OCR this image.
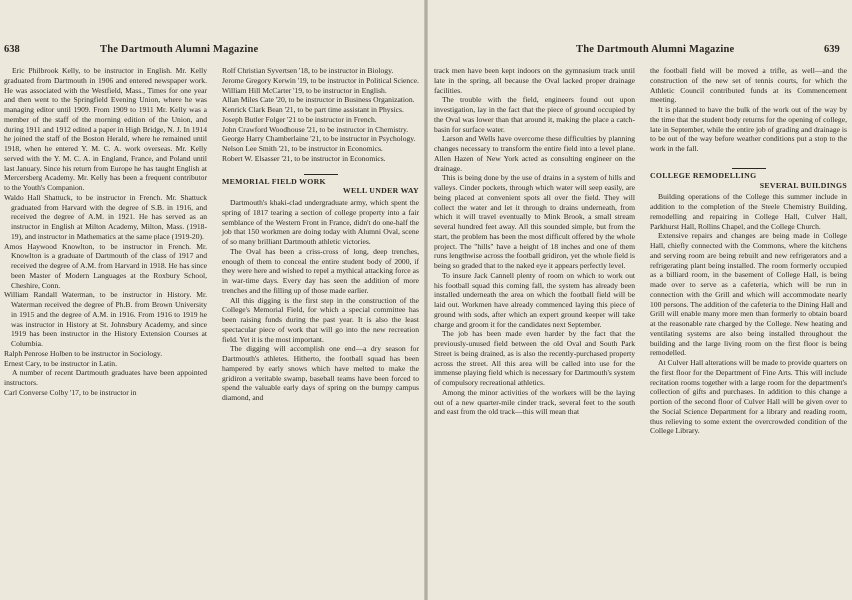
638	The Dartmouth Alumni Magazine

Eric Philbrook Kelly, to be instructor in English. Mr. Kelly graduated from Dartmouth in 1906 and entered newspaper work. He was associated with the Westfield, Mass., Times for one year and then went to the Springfield Evening Union, where he was managing editor until 1909. From 1909 to 1911 Mr. Kelly was a member of the staff of the morning edition of the Union, and during 1911 and 1912 edited a paper in High Bridge, N. J. In 1914 he joined the staff of the Boston Herald, where he remained until 1918, when he entered Y. M. C. A. work overseas. Mr. Kelly served with the Y. M. C. A. in England, France, and Poland until last January. Since his return from Europe he has taught English at Mercersberg Academy. Mr. Kelly has been a frequent contributor to the Youth's Companion.

Waldo Hall Shattuck, to be instructor in French. Mr. Shattuck graduated from Harvard with the degree of S.B. in 1916, and received the degree of A.M. in 1921. He has served as an instructor in English at Milton Academy, Milton, Mass. (1918-19), and instructor in Mathematics at the same place (1919-20).

Amos Haywood Knowlton, to be instructor in French. Mr. Knowlton is a graduate of Dartmouth of the class of 1917 and received the degree of A.M. from Harvard in 1918. He has since been Master of Modern Languages at the Roxbury School, Cheshire, Conn.

William Randall Waterman, to be instructor in History. Mr. Waterman received the degree of Ph.B. from Brown University in 1915 and the degree of A.M. in 1916. From 1916 to 1919 he was instructor in History at St. Johnsbury Academy, and since 1919 has been instructor in the History Extension Courses at Columbia.

Ralph Penrose Holben to be instructor in Sociology.

Ernest Cary, to be instructor in Latin.

A number of recent Dartmouth graduates have been appointed instructors.

Carl Converse Colby '17, to be instructor in

Rolf Christian Syvertsen '18, to be instructor in Biology.

Jerome Gregory Kerwin '19, to be instructor in Political Science.

William Hill McCarter '19, to be instructor in English.

Allan Miles Cate '20, to be instructor in Business Organization.

Kenrick Clark Bean '21, to be part time assistant in Physics.

Joseph Butler Folger '21 to be instructor in French.

John Crawford Woodhouse '21, to be instructor in Chemistry.

George Harry Chamberlaine '21, to be instructor in Psychology.

Nelson Lee Smith '21, to be instructor in Economics.

Robert W. Elsasser '21, to be instructor in Economics.

MEMORIAL FIELD WORK

WELL UNDER WAY

Dartmouth's khaki-clad undergraduate army, which spent the spring of 1817 tearing a section of college property into a fair semblance of the Western Front in France, didn't do one-half the job that 150 workmen are doing today with Alumni Oval, scene of so many brilliant Dartmouth athletic victories.

The Oval has been a criss-cross of long, deep trenches, enough of them to conceal the entire student body of 2000, if they were here and wished to repel a mythical attacking force as in war-time days. Every day has seen the addition of more trenches and the filling up of those made earlier.

All this digging is the first step in the construction of the College's Memorial Field, for which a special committee has been raising funds during the past year. It is also the least spectacular piece of work that will go into the new recreation field. Yet it is the most important.

The digging will accomplish one end—a dry season for Dartmouth's athletes. Hitherto, the football squad has been hampered by early snows which have melted to make the gridiron a veritable swamp, baseball teams have been forced to spend the valuable early days of spring on the bumpy campus diamond, and

The Dartmouth Alumni Magazine	639

track men have been kept indoors on the gymnasium track until late in the spring, all because the Oval lacked proper drainage facilities.

The trouble with the field, engineers found out upon investigation, lay in the fact that the piece of ground occupied by the Oval was lower than that around it, making the place a catch-basin for surface water.

Larson and Wells have overcome these difficulties by planning changes necessary to transform the entire field into a level plane. Allen Hazen of New York acted as consulting engineer on the drainage.

This is being done by the use of drains in a system of hills and valleys. Cinder pockets, through which water will seep easily, are being placed at convenient spots all over the field. They will collect the water and let it through to drains underneath, from which it will travel eventually to Mink Brook, a small stream several hundred feet away. All this sounded simple, but from the start, the problem has been the most difficult offered by the whole project. The "hills" have a height of 18 inches and one of them runs lengthwise across the football gridiron, yet the whole field is being so graded that to the naked eye it appears perfectly level.

To insure Jack Cannell plenty of room on which to work out his football squad this coming fall, the system has already been installed underneath the area on which the football field will be laid out. Workmen have already commenced laying this piece of ground with sods, after which an expert ground keeper will take charge and groom it for the candidates next September.

The job has been made even harder by the fact that the previously-unused field between the old Oval and South Park Street is being drained, as is also the recently-purchased property across the street. All this area will be called into use for the immense playing field which is necessary for Dartmouth's system of compulsory recreational athletics.

Among the minor activities of the workers will be the laying out of a new quarter-mile cinder track, several feet to the south and east from the old track—this will mean that

the football field will be moved a trifle, as well—and the construction of the new set of tennis courts, for which the Athletic Council contributed funds at its Commencement meeting.

It is planned to have the bulk of the work out of the way by the time that the student body returns for the opening of college, late in September, while the entire job of grading and drainage is to be out of the way before weather conditions put a stop to the work in the fall.

COLLEGE REMODELLING

SEVERAL BUILDINGS

Building operations of the College this summer include in addition to the completion of the Steele Chemistry Building, remodelling and repairing in College Hall, Culver Hall, Parkhurst Hall, Rollins Chapel, and the College Church.

Extensive repairs and changes are being made in College Hall, chiefly connected with the Commons, where the kitchens and serving room are being rebuilt and new refrigerators and a refrigerating plant being installed. The room formerly occupied as a billiard room, in the basement of College Hall, is being made over to serve as a cafeteria, which will be run in connection with the Grill and which will accommodate nearly 100 persons. The addition of the cafeteria to the Dining Hall and Grill will enable many more men than formerly to obtain board at the reasonable rate charged by the College. New heating and ventilating systems are also being installed throughout the building and the large living room on the first floor is being remodelled.

At Culver Hall alterations will be made to provide quarters on the first floor for the Department of Fine Arts. This will include recitation rooms together with a large room for the department's collection of gifts and purchases. In addition to this change a portion of the second floor of Culver Hall will be given over to the Social Science Department for a library and reading room, thus relieving to some extent the overcrowded condition of the College Library.
